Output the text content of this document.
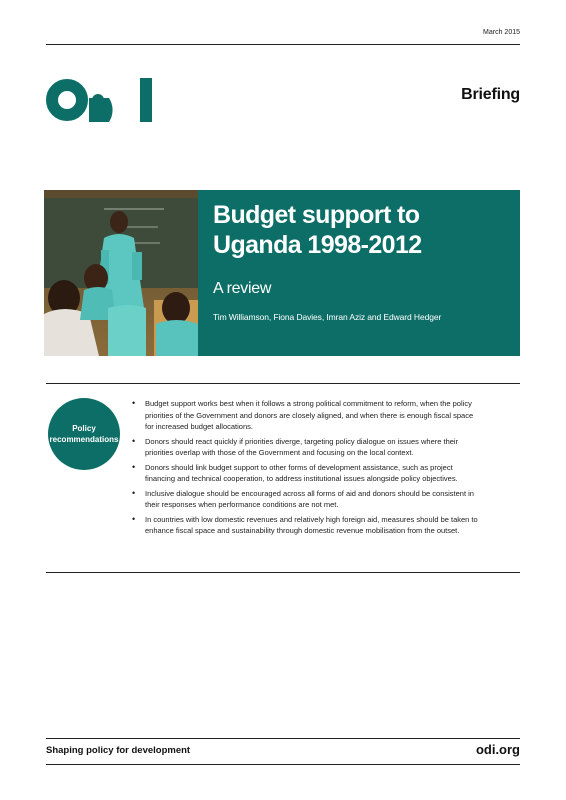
March 2015
Briefing
Budget support to
Uganda 1998-2012
A review
Tim Williamson, Fiona Davies, Imran Aziz and Edward Hedger
Policy
recommendations
• Budget support works best when it follows a strong political commitment to reform, when the policy priorities of the Government and donors are closely aligned, and when there is enough fiscal space for increased budget allocations.
• Donors should react quickly if priorities diverge, targeting policy dialogue on issues where their priorities overlap with those of the Government and focusing on the local context.
• Donors should link budget support to other forms of development assistance, such as project financing and technical cooperation, to address institutional issues alongside policy objectives.
• Inclusive dialogue should be encouraged across all forms of aid and donors should be consistent in their responses when performance conditions are not met.
• In countries with low domestic revenues and relatively high foreign aid, measures should be taken to enhance fiscal space and sustainability through domestic revenue mobilisation from the outset.
Shaping policy for development	odi.org
